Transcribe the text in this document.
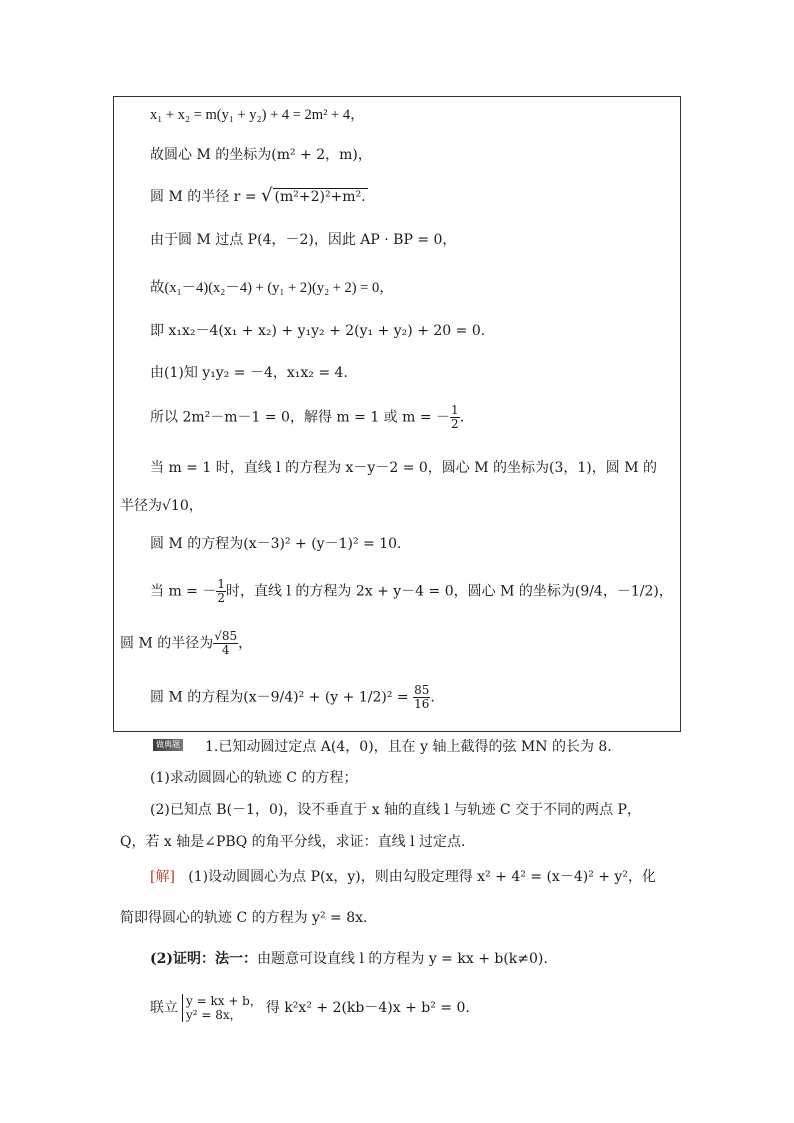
x₁ + x₂ = m(y₁ + y₂) + 4 = 2m² + 4，
故圆心 M 的坐标为(m² + 2，m)，
圆 M 的半径 r = √ (m²+2)²+m².
由于圆 M 过点 P(4，－2)，因此 AP · BP = 0，
故(x₁－4)(x₂－4) + (y₁ + 2)(y₂ + 2) = 0，
即 x₁x₂－4(x₁ + x₂) + y₁y₂ + 2(y₁ + y₂) + 20 = 0.
由(1)知 y₁y₂ = －4，x₁x₂ = 4.
所以 2m²－m－1 = 0，解得 m = 1 或 m = － $\frac{1}{2}$ .
当 m = 1 时，直线 l 的方程为 x－y－2 = 0，圆心 M 的坐标为(3，1)，圆 M 的
半径为√10，
圆 M 的方程为(x－3)² + (y－1)² = 10.
当 m = － $\frac{1}{2}$ 时，直线 l 的方程为 2x + y－4 = 0，圆心 M 的坐标为(9/4，－1/2)，
圆 M 的半径为 $\frac{√85}{4}$ ，
圆 M 的方程为$(x-9/4)^2 + (y + 1/2)^2 = \frac{85}{16}$ .
做典题 1.已知动圆过定点 A(4，0)，且在 y 轴上截得的弦 MN 的长为 8.
(1)求动圆圆心的轨迹 C 的方程；
(2)已知点 B(－1，0)，设不垂直于 x 轴的直线 l 与轨迹 C 交于不同的两点 P，
Q，若 x 轴是∠PBQ 的角平分线，求证：直线 l 过定点.
[解] (1)设动圆圆心为点 P(x，y)，则由勾股定理得 x² + 4² = (x－4)² + y²，化
简即得圆心的轨迹 C 的方程为 y² = 8x.
(2)证明：法一：由题意可设直线 l 的方程为 y = kx + b(k≠0).
联立 y = kx + b，
y² = 8x，	得 k²x² + 2(kb－4)x + b² = 0.
